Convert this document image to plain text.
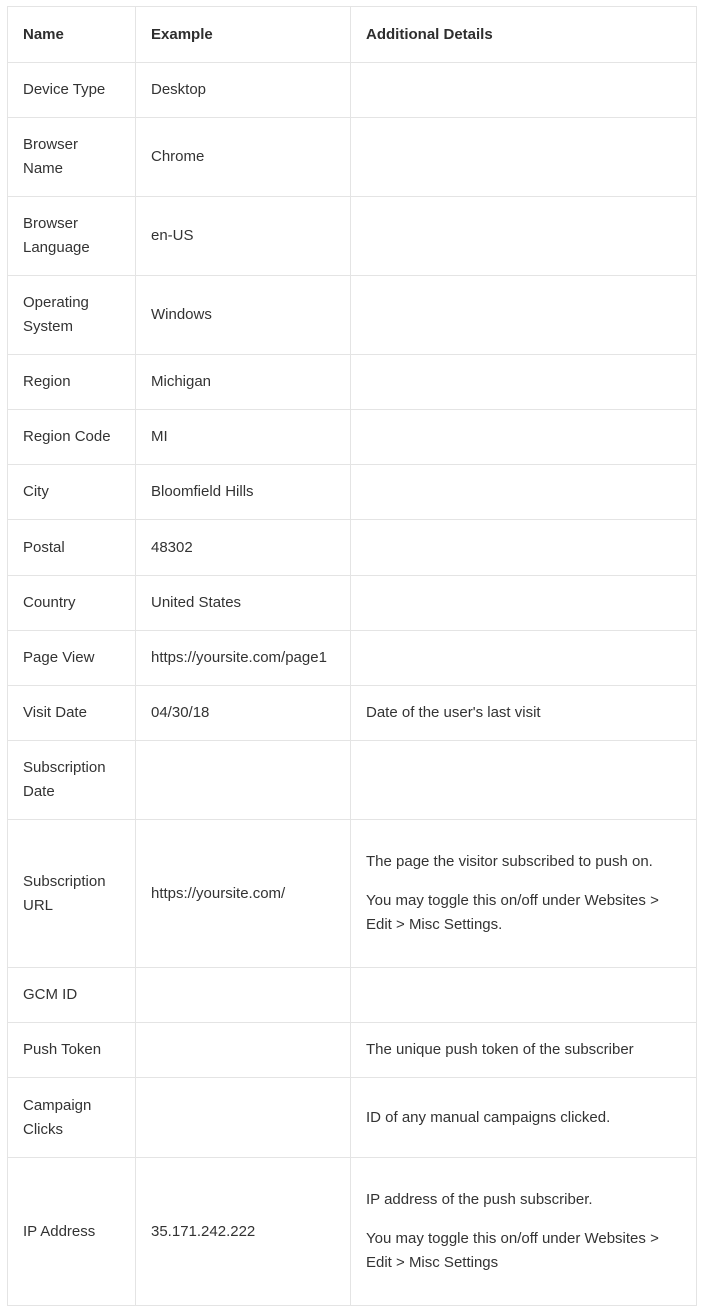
Name	Example	Additional Details
Device Type	Desktop	
Browser Name	Chrome	
Browser Language	en-US	
Operating System	Windows	
Region	Michigan	
Region Code	MI	
City	Bloomfield Hills	
Postal	48302	
Country	United States	
Page View	https://yoursite.com/page1	
Visit Date	04/30/18	Date of the user's last visit

Subscription Date		
Subscription URL	https://yoursite.com/	The page the visitor subscribed to push on.

You may toggle this on/off under Websites > Edit > Misc Settings.

GCM ID		
Push Token		The unique push token of the subscriber

Campaign Clicks		ID of any manual campaigns clicked.

IP Address	35.171.242.222	IP address of the push subscriber.

You may toggle this on/off under Websites > Edit > Misc Settings
